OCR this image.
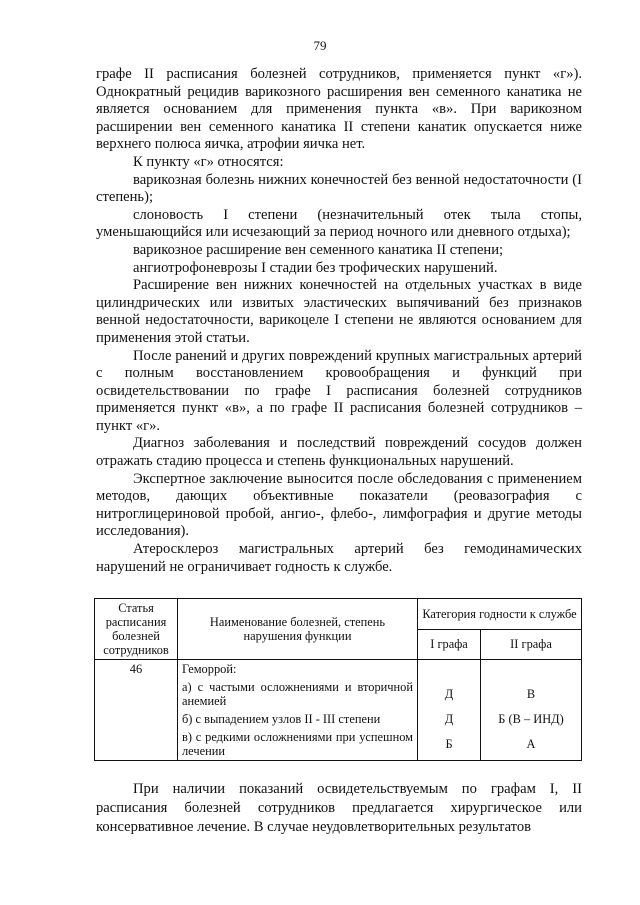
79

графе II расписания болезней сотрудников, применяется пункт «г»). Однократный рецидив варикозного расширения вен семенного канатика не является основанием для применения пункта «в». При варикозном расширении вен семенного канатика II степени канатик опускается ниже верхнего полюса яичка, атрофии яичка нет.

К пункту «г» относятся:

варикозная болезнь нижних конечностей без венной недостаточности (I степень);

слоновость I степени (незначительный отек тыла стопы, уменьшающийся или исчезающий за период ночного или дневного отдыха);

варикозное расширение вен семенного канатика II степени;

ангиотрофоневрозы I стадии без трофических нарушений.

Расширение вен нижних конечностей на отдельных участках в виде цилиндрических или извитых эластических выпячиваний без признаков венной недостаточности, варикоцеле I степени не являются основанием для применения этой статьи.

После ранений и других повреждений крупных магистральных артерий с полным восстановлением кровообращения и функций при освидетельствовании по графе I расписания болезней сотрудников применяется пункт «в», а по графе II расписания болезней сотрудников – пункт «г».

Диагноз заболевания и последствий повреждений сосудов должен отражать стадию процесса и степень функциональных нарушений.

Экспертное заключение выносится после обследования с применением методов, дающих объективные показатели (реовазография с нитроглицериновой пробой, ангио-, флебо-, лимфография и другие методы исследования).

Атеросклероз магистральных артерий без гемодинамических нарушений не ограничивает годность к службе.

Статья расписания болезней сотрудников	Наименование болезней, степень нарушения функции	Категория годности к службе	
		I графа	II графа
46	Геморрой:		
	а) с частыми осложнениями и вторичной анемией	Д	В
	б) с выпадением узлов II - III степени	Д	Б (В – ИНД)
	в) с редкими осложнениями при успешном лечении	Б	А

При наличии показаний освидетельствуемым по графам I, II расписания болезней сотрудников предлагается хирургическое или консервативное лечение. В случае неудовлетворительных результатов
